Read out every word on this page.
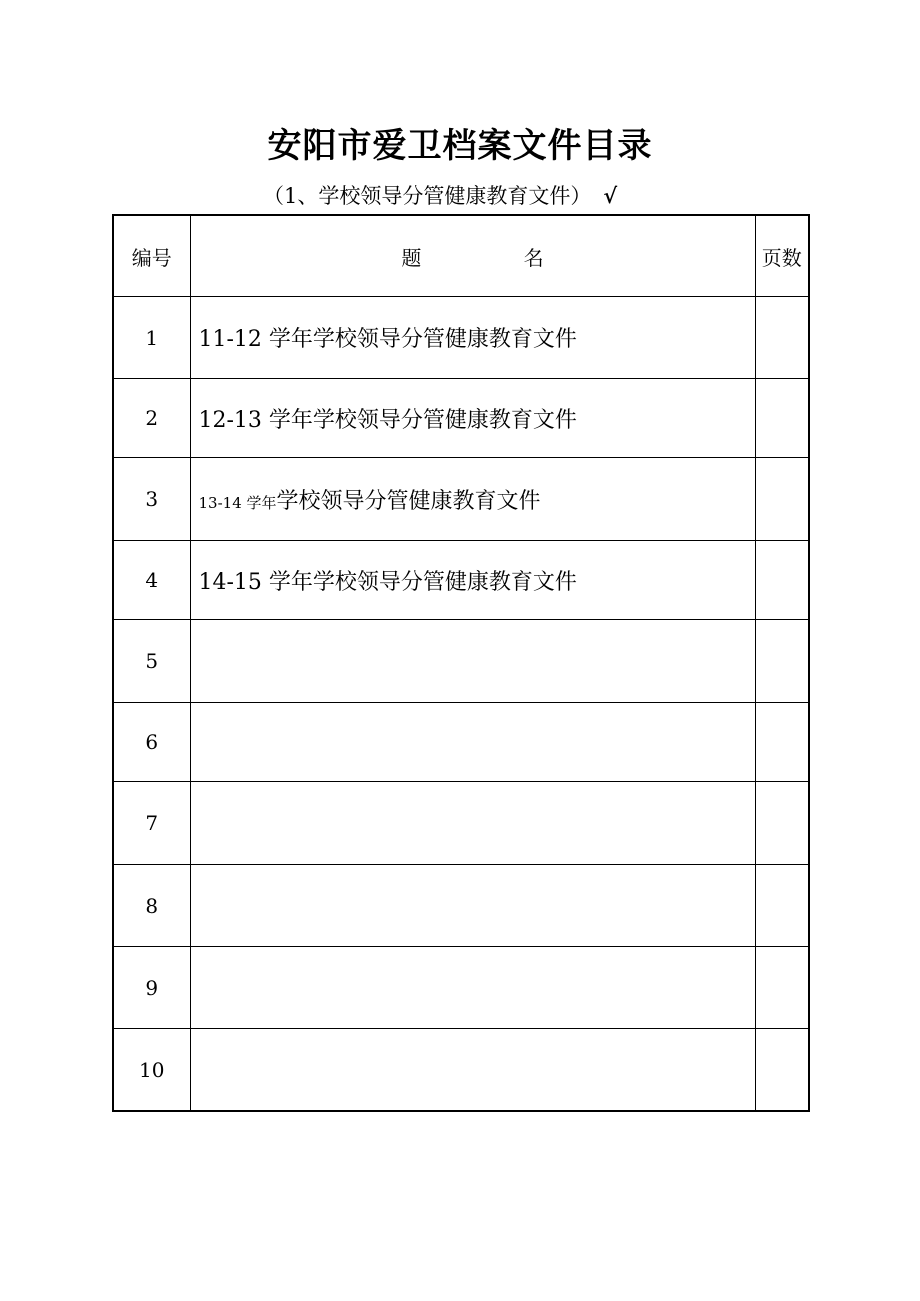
安阳市爱卫档案文件目录
（1、学校领导分管健康教育文件） √
编号	题 名	页数
1	11-12 学年学校领导分管健康教育文件	
2	12-13 学年学校领导分管健康教育文件	
3	13-14 学年学校领导分管健康教育文件	
4	14-15 学年学校领导分管健康教育文件	
5		
6		
7		
8		
9		
10		
